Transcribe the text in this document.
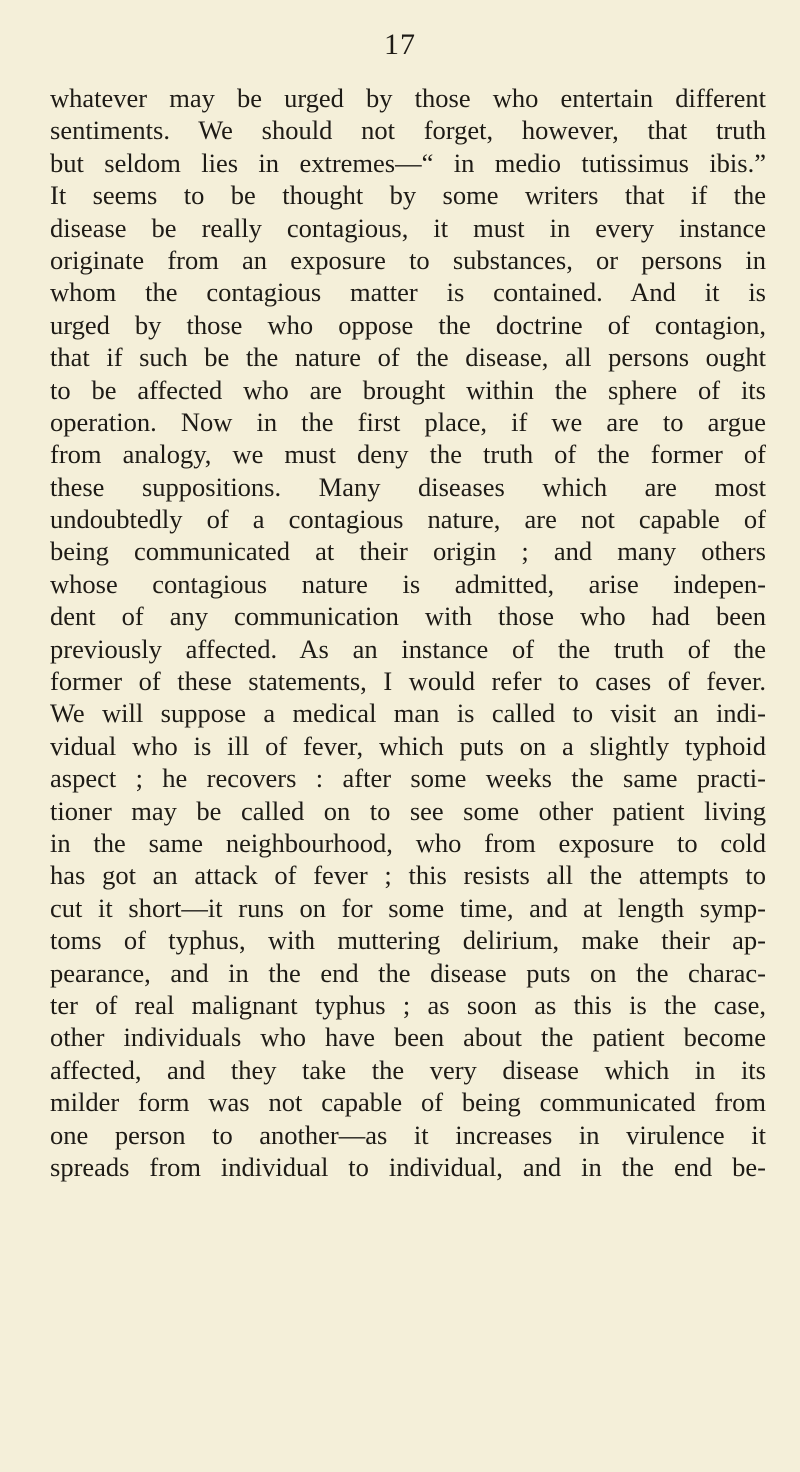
17
whatever may be urged by those who entertain different
sentiments. We should not forget, however, that truth
but seldom lies in extremes—“ in medio tutissimus ibis.”
It seems to be thought by some writers that if the
disease be really contagious, it must in every instance
originate from an exposure to substances, or persons in
whom the contagious matter is contained. And it is
urged by those who oppose the doctrine of contagion,
that if such be the nature of the disease, all persons ought
to be affected who are brought within the sphere of its
operation. Now in the first place, if we are to argue
from analogy, we must deny the truth of the former of
these suppositions. Many diseases which are most
undoubtedly of a contagious nature, are not capable of
being communicated at their origin ; and many others
whose contagious nature is admitted, arise indepen-
dent of any communication with those who had been
previously affected. As an instance of the truth of the
former of these statements, I would refer to cases of fever.
We will suppose a medical man is called to visit an indi-
vidual who is ill of fever, which puts on a slightly typhoid
aspect ; he recovers : after some weeks the same practi-
tioner may be called on to see some other patient living
in the same neighbourhood, who from exposure to cold
has got an attack of fever ; this resists all the attempts to
cut it short—it runs on for some time, and at length symp-
toms of typhus, with muttering delirium, make their ap-
pearance, and in the end the disease puts on the charac-
ter of real malignant typhus ; as soon as this is the case,
other individuals who have been about the patient become
affected, and they take the very disease which in its
milder form was not capable of being communicated from
one person to another—as it increases in virulence it
spreads from individual to individual, and in the end be-
